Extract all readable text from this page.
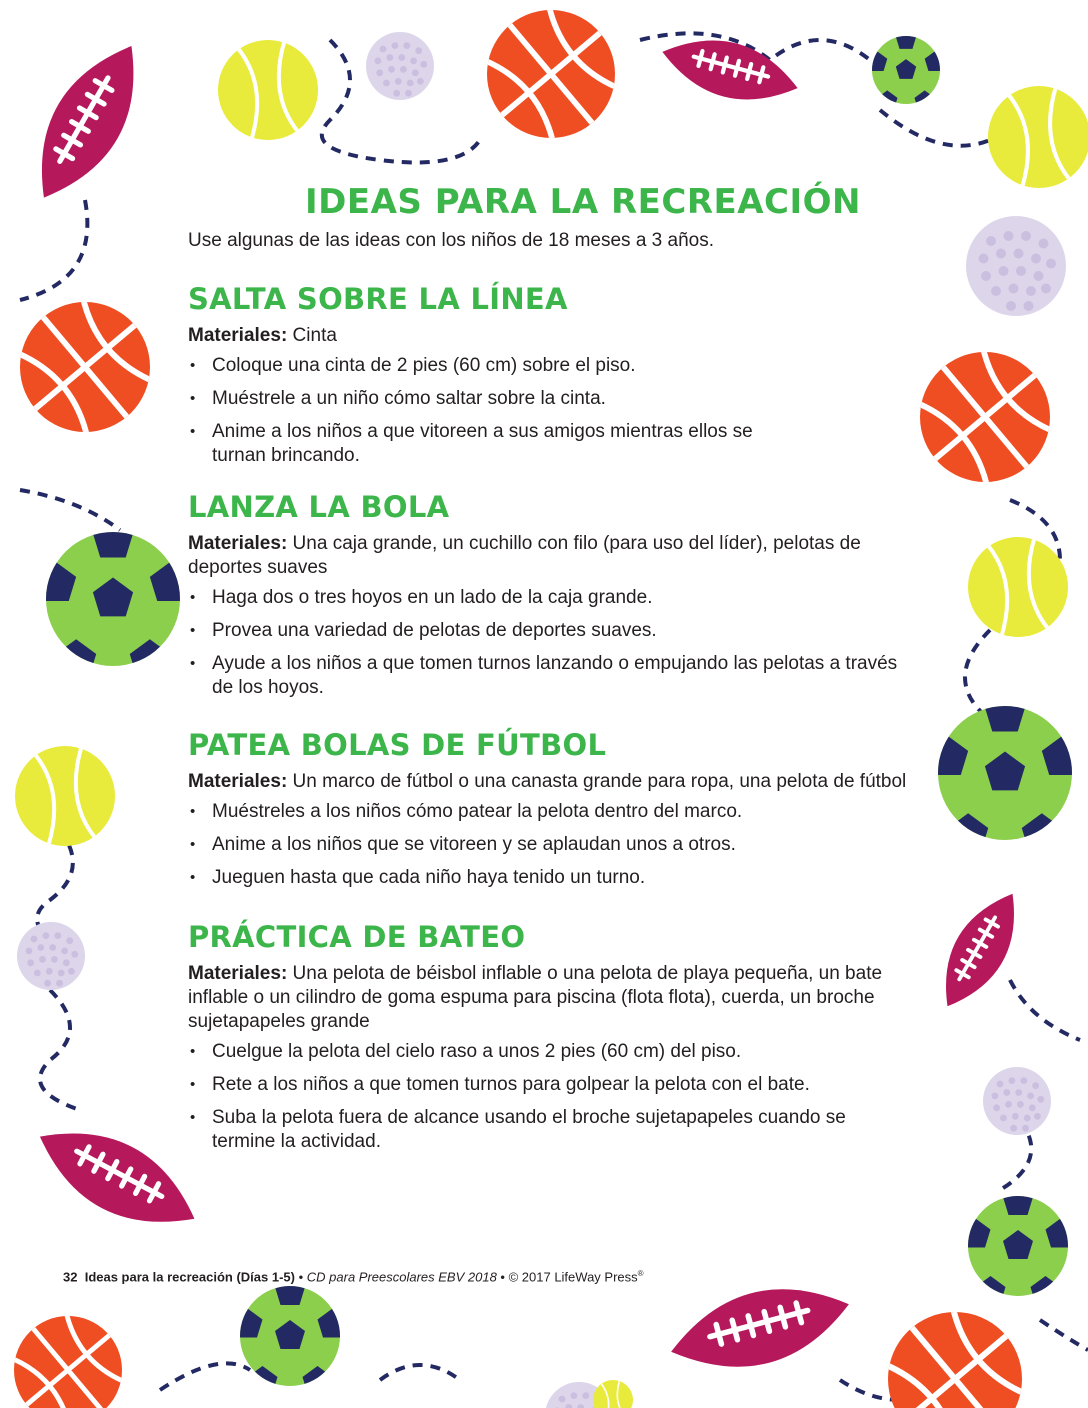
IDEAS PARA LA RECREACIÓN

Use algunas de las ideas con los niños de 18 meses a 3 años.

SALTA SOBRE LA LÍNEA

Materiales: Cinta

• Coloque una cinta de 2 pies (60 cm) sobre el piso.
• Muéstrele a un niño cómo saltar sobre la cinta.
• Anime a los niños a que vitoreen a sus amigos mientras ellos se turnan brincando.
LANZA LA BOLA

Materiales: Una caja grande, un cuchillo con filo (para uso del líder), pelotas de deportes suaves

• Haga dos o tres hoyos en un lado de la caja grande.
• Provea una variedad de pelotas de deportes suaves.
• Ayude a los niños a que tomen turnos lanzando o empujando las pelotas a través de los hoyos.
PATEA BOLAS DE FÚTBOL

Materiales: Un marco de fútbol o una canasta grande para ropa, una pelota de fútbol

• Muéstreles a los niños cómo patear la pelota dentro del marco.
• Anime a los niños que se vitoreen y se aplaudan unos a otros.
• Jueguen hasta que cada niño haya tenido un turno.
PRÁCTICA DE BATEO

Materiales: Una pelota de béisbol inflable o una pelota de playa pequeña, un bate inflable o un cilindro de goma espuma para piscina (flota flota), cuerda, un broche sujetapapeles grande

• Cuelgue la pelota del cielo raso a unos 2 pies (60 cm) del piso.
• Rete a los niños a que tomen turnos para golpear la pelota con el bate.
• Suba la pelota fuera de alcance usando el broche sujetapapeles cuando se termine la actividad.
32 Ideas para la recreación (Días 1-5) • CD para Preescolares EBV 2018 • © 2017 LifeWay Press®
